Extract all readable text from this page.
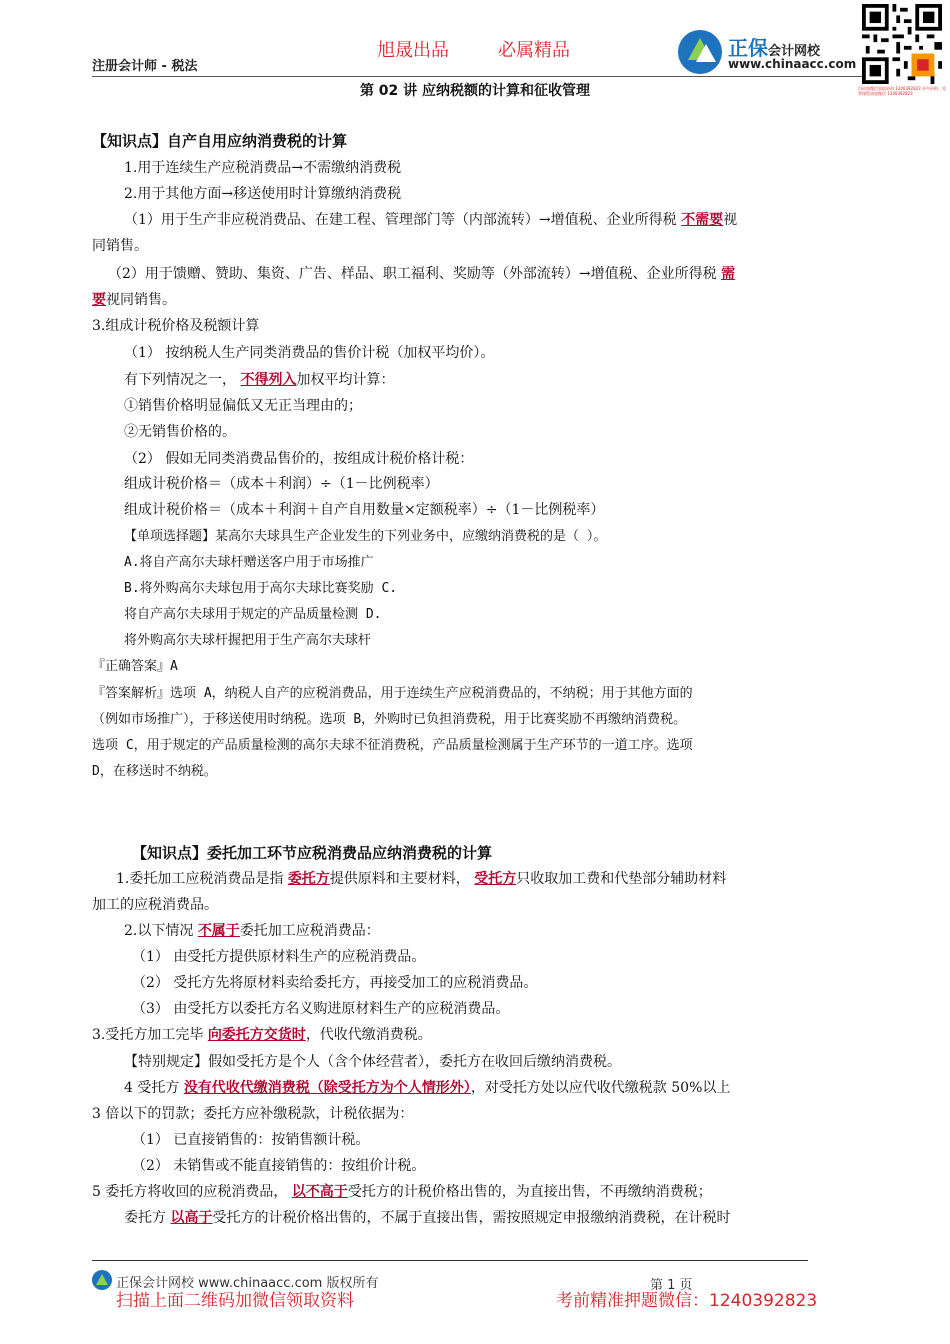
旭晟出品	必属精品
注册会计师 - 税法
正保会计网校
www.chinaacc.com
扫码加微信领取资料 1240392823 更多资料、免费课程请加微信 1240392823
第 02 讲 应纳税额的计算和征收管理
【知识点】自产自用应纳消费税的计算
1.用于连续生产应税消费品→不需缴纳消费税
2.用于其他方面→移送使用时计算缴纳消费税
（1）用于生产非应税消费品、在建工程、管理部门等（内部流转）→增值税、企业所得税 不需要视
同销售。
（2）用于馈赠、赞助、集资、广告、样品、职工福利、奖励等（外部流转）→增值税、企业所得税 需
要视同销售。
3.组成计税价格及税额计算
（1） 按纳税人生产同类消费品的售价计税（加权平均价）。
有下列情况之一， 不得列入加权平均计算：
①销售价格明显偏低又无正当理由的；
②无销售价格的。
（2） 假如无同类消费品售价的，按组成计税价格计税：
组成计税价格＝（成本＋利润）÷（1－比例税率）
组成计税价格＝（成本＋利润＋自产自用数量×定额税率）÷（1－比例税率）
【单项选择题】某高尔夫球具生产企业发生的下列业务中，应缴纳消费税的是（ ）。
A.将自产高尔夫球杆赠送客户用于市场推广
B.将外购高尔夫球包用于高尔夫球比赛奖励 C.
将自产高尔夫球用于规定的产品质量检测 D.
将外购高尔夫球杆握把用于生产高尔夫球杆
『正确答案』A
『答案解析』选项 A，纳税人自产的应税消费品，用于连续生产应税消费品的，不纳税；用于其他方面的
（例如市场推广），于移送使用时纳税。选项 B，外购时已负担消费税，用于比赛奖励不再缴纳消费税。
选项 C，用于规定的产品质量检测的高尔夫球不征消费税，产品质量检测属于生产环节的一道工序。选项
D，在移送时不纳税。
【知识点】委托加工环节应税消费品应纳消费税的计算
1.委托加工应税消费品是指 委托方提供原料和主要材料， 受托方只收取加工费和代垫部分辅助材料
加工的应税消费品。
2.以下情况 不属于委托加工应税消费品：
（1） 由受托方提供原材料生产的应税消费品。
（2） 受托方先将原材料卖给委托方，再接受加工的应税消费品。
（3） 由受托方以委托方名义购进原材料生产的应税消费品。
3.受托方加工完毕 向委托方交货时，代收代缴消费税。
【特别规定】假如受托方是个人（含个体经营者），委托方在收回后缴纳消费税。
4 受托方 没有代收代缴消费税（除受托方为个人情形外），对受托方处以应代收代缴税款 50%以上
3 倍以下的罚款；委托方应补缴税款，计税依据为：
（1） 已直接销售的：按销售额计税。
（2） 未销售或不能直接销售的：按组价计税。
5 委托方将收回的应税消费品， 以不高于受托方的计税价格出售的，为直接出售，不再缴纳消费税；
委托方 以高于受托方的计税价格出售的，不属于直接出售，需按照规定申报缴纳消费税，在计税时
正保会计网校 www.chinaacc.com 版权所有	第 1 页
扫描上面二维码加微信领取资料	考前精准押题微信：1240392823
